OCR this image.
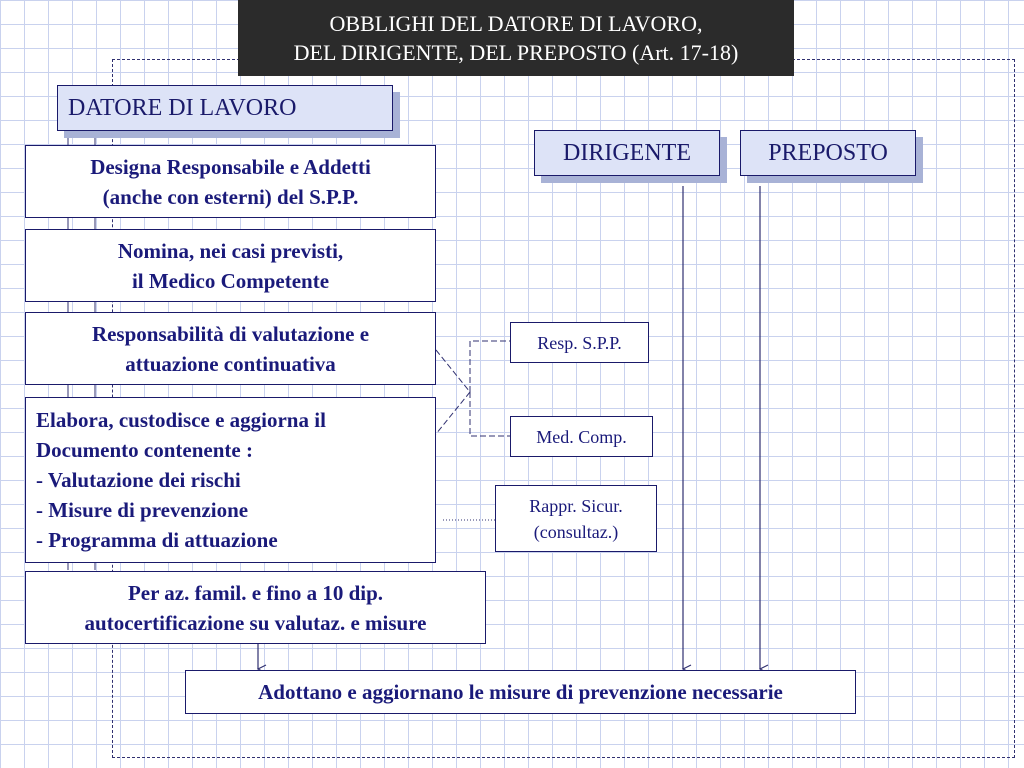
OBBLIGHI DEL DATORE DI LAVORO,
DEL DIRIGENTE, DEL PREPOSTO (Art. 17-18)
DATORE DI LAVORO
DIRIGENTE	PREPOSTO
Designa Responsabile e Addetti
(anche con esterni) del S.P.P.
Nomina, nei casi previsti,
il Medico Competente
Responsabilità di valutazione e
attuazione continuativa
Elabora, custodisce e aggiorna il
Documento contenente :
- Valutazione dei rischi
- Misure di prevenzione
- Programma di attuazione
Per az. famil. e fino a 10 dip.
autocertificazione su valutaz. e misure
Adottano e aggiornano le misure di prevenzione necessarie
Resp. S.P.P.
Med. Comp.
Rappr. Sicur.
(consultaz.)
